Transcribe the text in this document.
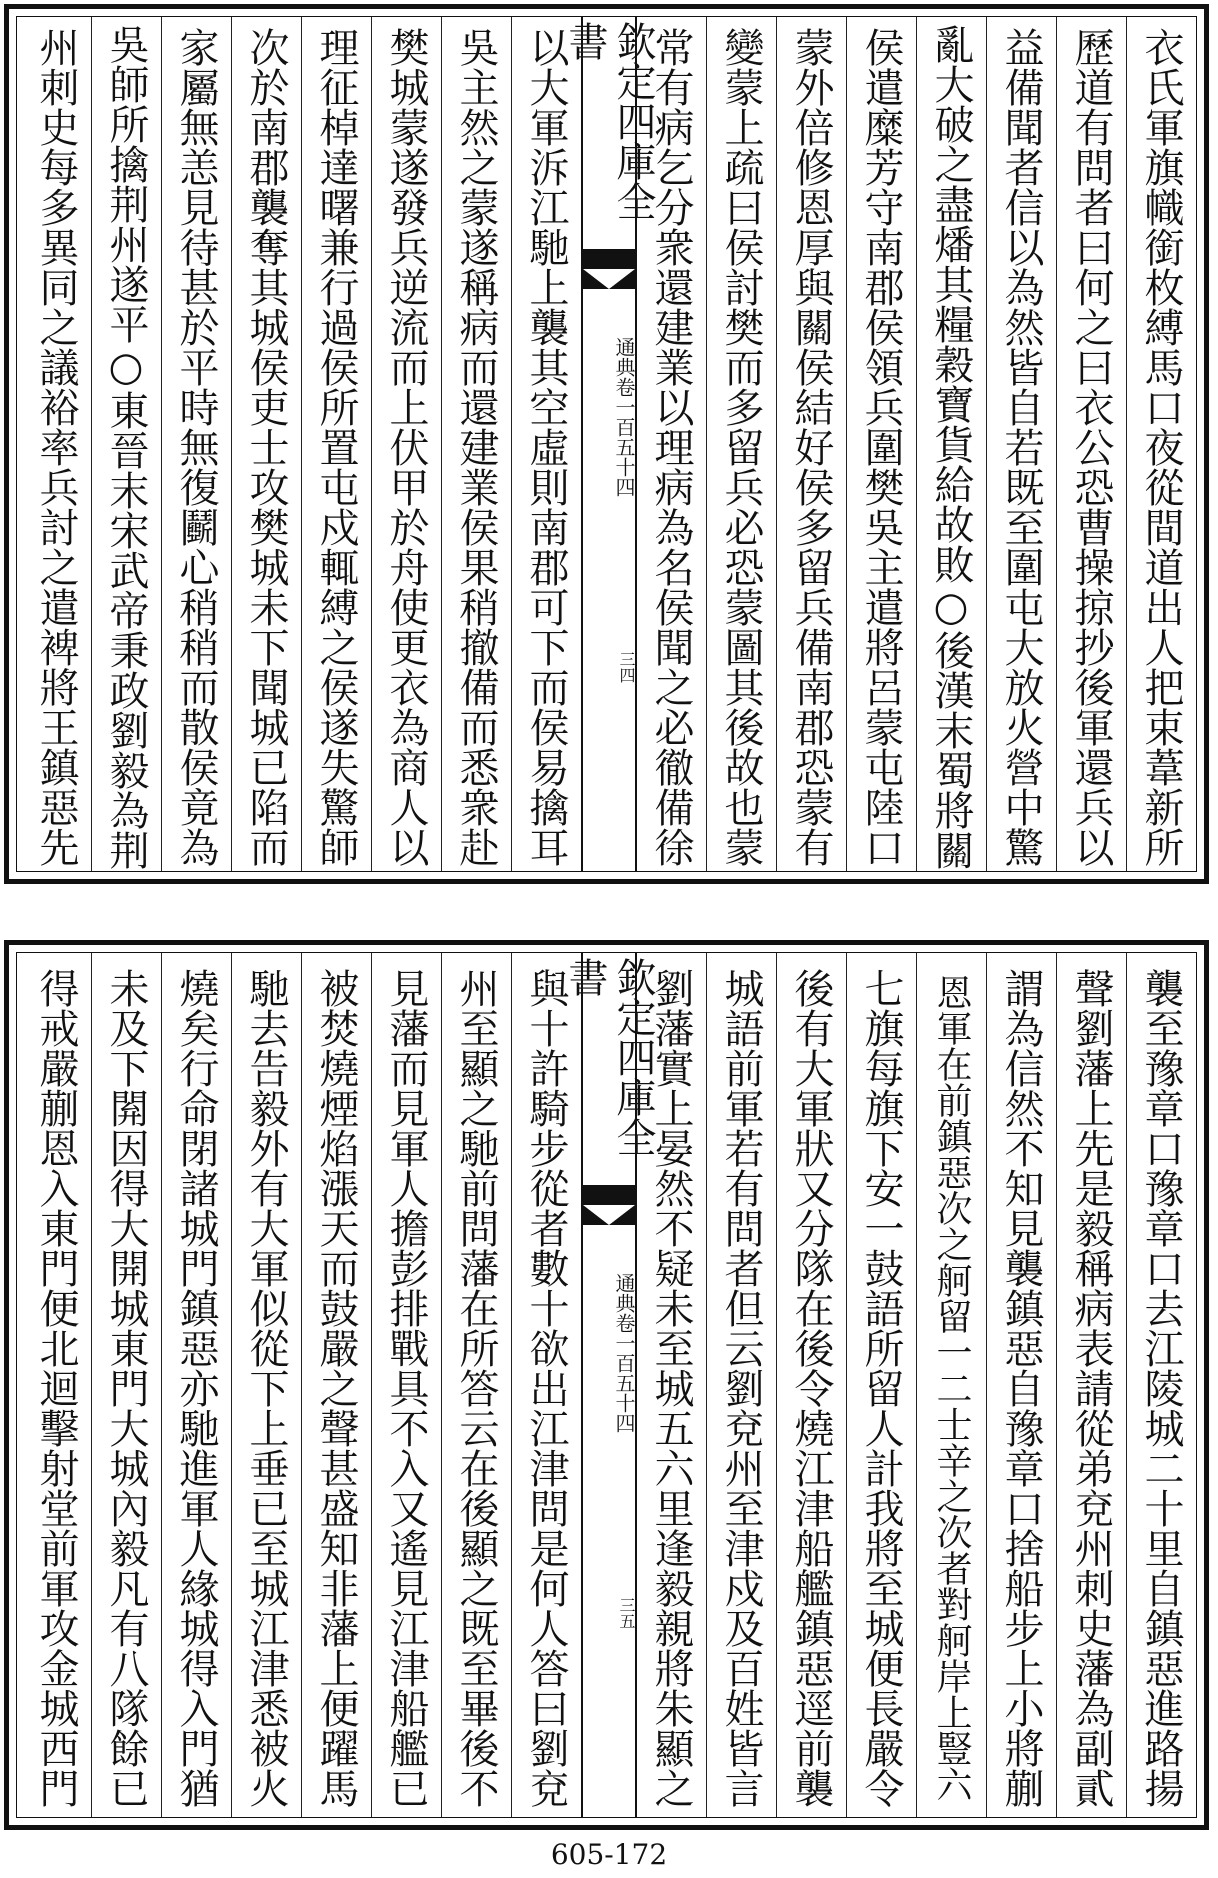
衣氏軍旗幟銜枚縛馬口夜從間道出人把束葦新所
歷道有問者曰何之曰衣公恐曹操掠抄後軍還兵以
益備聞者信以為然皆自若既至圍屯大放火營中驚
亂大破之盡燔其糧穀寶貨給故敗○後漢末蜀將關
侯遣糜芳守南郡侯領兵圍樊吳主遣將呂蒙屯陸口
蒙外倍修恩厚與關侯結好侯多留兵備南郡恐蒙有
變蒙上疏曰侯討樊而多留兵必恐蒙圖其後故也蒙
常有病乞分衆還建業以理病為名侯聞之必徹備徐
欽定四庫全書
通典
卷一百五十四
三四
以大軍泝江馳上襲其空虛則南郡可下而侯易擒耳
吳主然之蒙遂稱病而還建業侯果稍撤備而悉衆赴
樊城蒙遂發兵逆流而上伏甲於舟使更衣為商人以
理征棹達曙兼行過侯所置屯戍輒縛之侯遂失驚師
次於南郡襲奪其城侯吏士攻樊城未下聞城已陷而
家屬無恙見待甚於平時無復鬬心稍稍而散侯竟為
吳師所擒荆州遂平○東晉末宋武帝秉政劉毅為荆
州刺史每多異同之議裕率兵討之遣裨將王鎮惡先
襲至豫章口豫章口去江陵城二十里自鎮惡進路揚
聲劉藩上先是毅稱病表請從弟兗州刺史藩為副貳
謂為信然不知見襲鎮惡自豫章口捨船步上小將蒯
恩軍在前鎮惡次之舸留一二士辛之次者對舸岸上豎六
七旗每旗下安一鼓語所留人計我將至城便長嚴令
後有大軍狀又分隊在後令燒江津船艦鎮惡逕前襲
城語前軍若有問者但云劉兗州至津戍及百姓皆言
劉藩實上晏然不疑未至城五六里逢毅親將朱顯之
欽定四庫全書
通典
卷一百五十四
三五
與十許騎步從者數十欲出江津問是何人答曰劉兗
州至顯之馳前問藩在所答云在後顯之既至畢後不
見藩而見軍人擔彭排戰具不入又遙見江津船艦已
被焚燒煙焰漲天而鼓嚴之聲甚盛知非藩上便躍馬
馳去告毅外有大軍似從下上垂已至城江津悉被火
燒矣行命閉諸城門鎮惡亦馳進軍人緣城得入門猶
未及下閞因得大開城東門大城內毅凡有八隊餘已
得戒嚴蒯恩入東門便北迴擊射堂前軍攻金城西門
605-172
